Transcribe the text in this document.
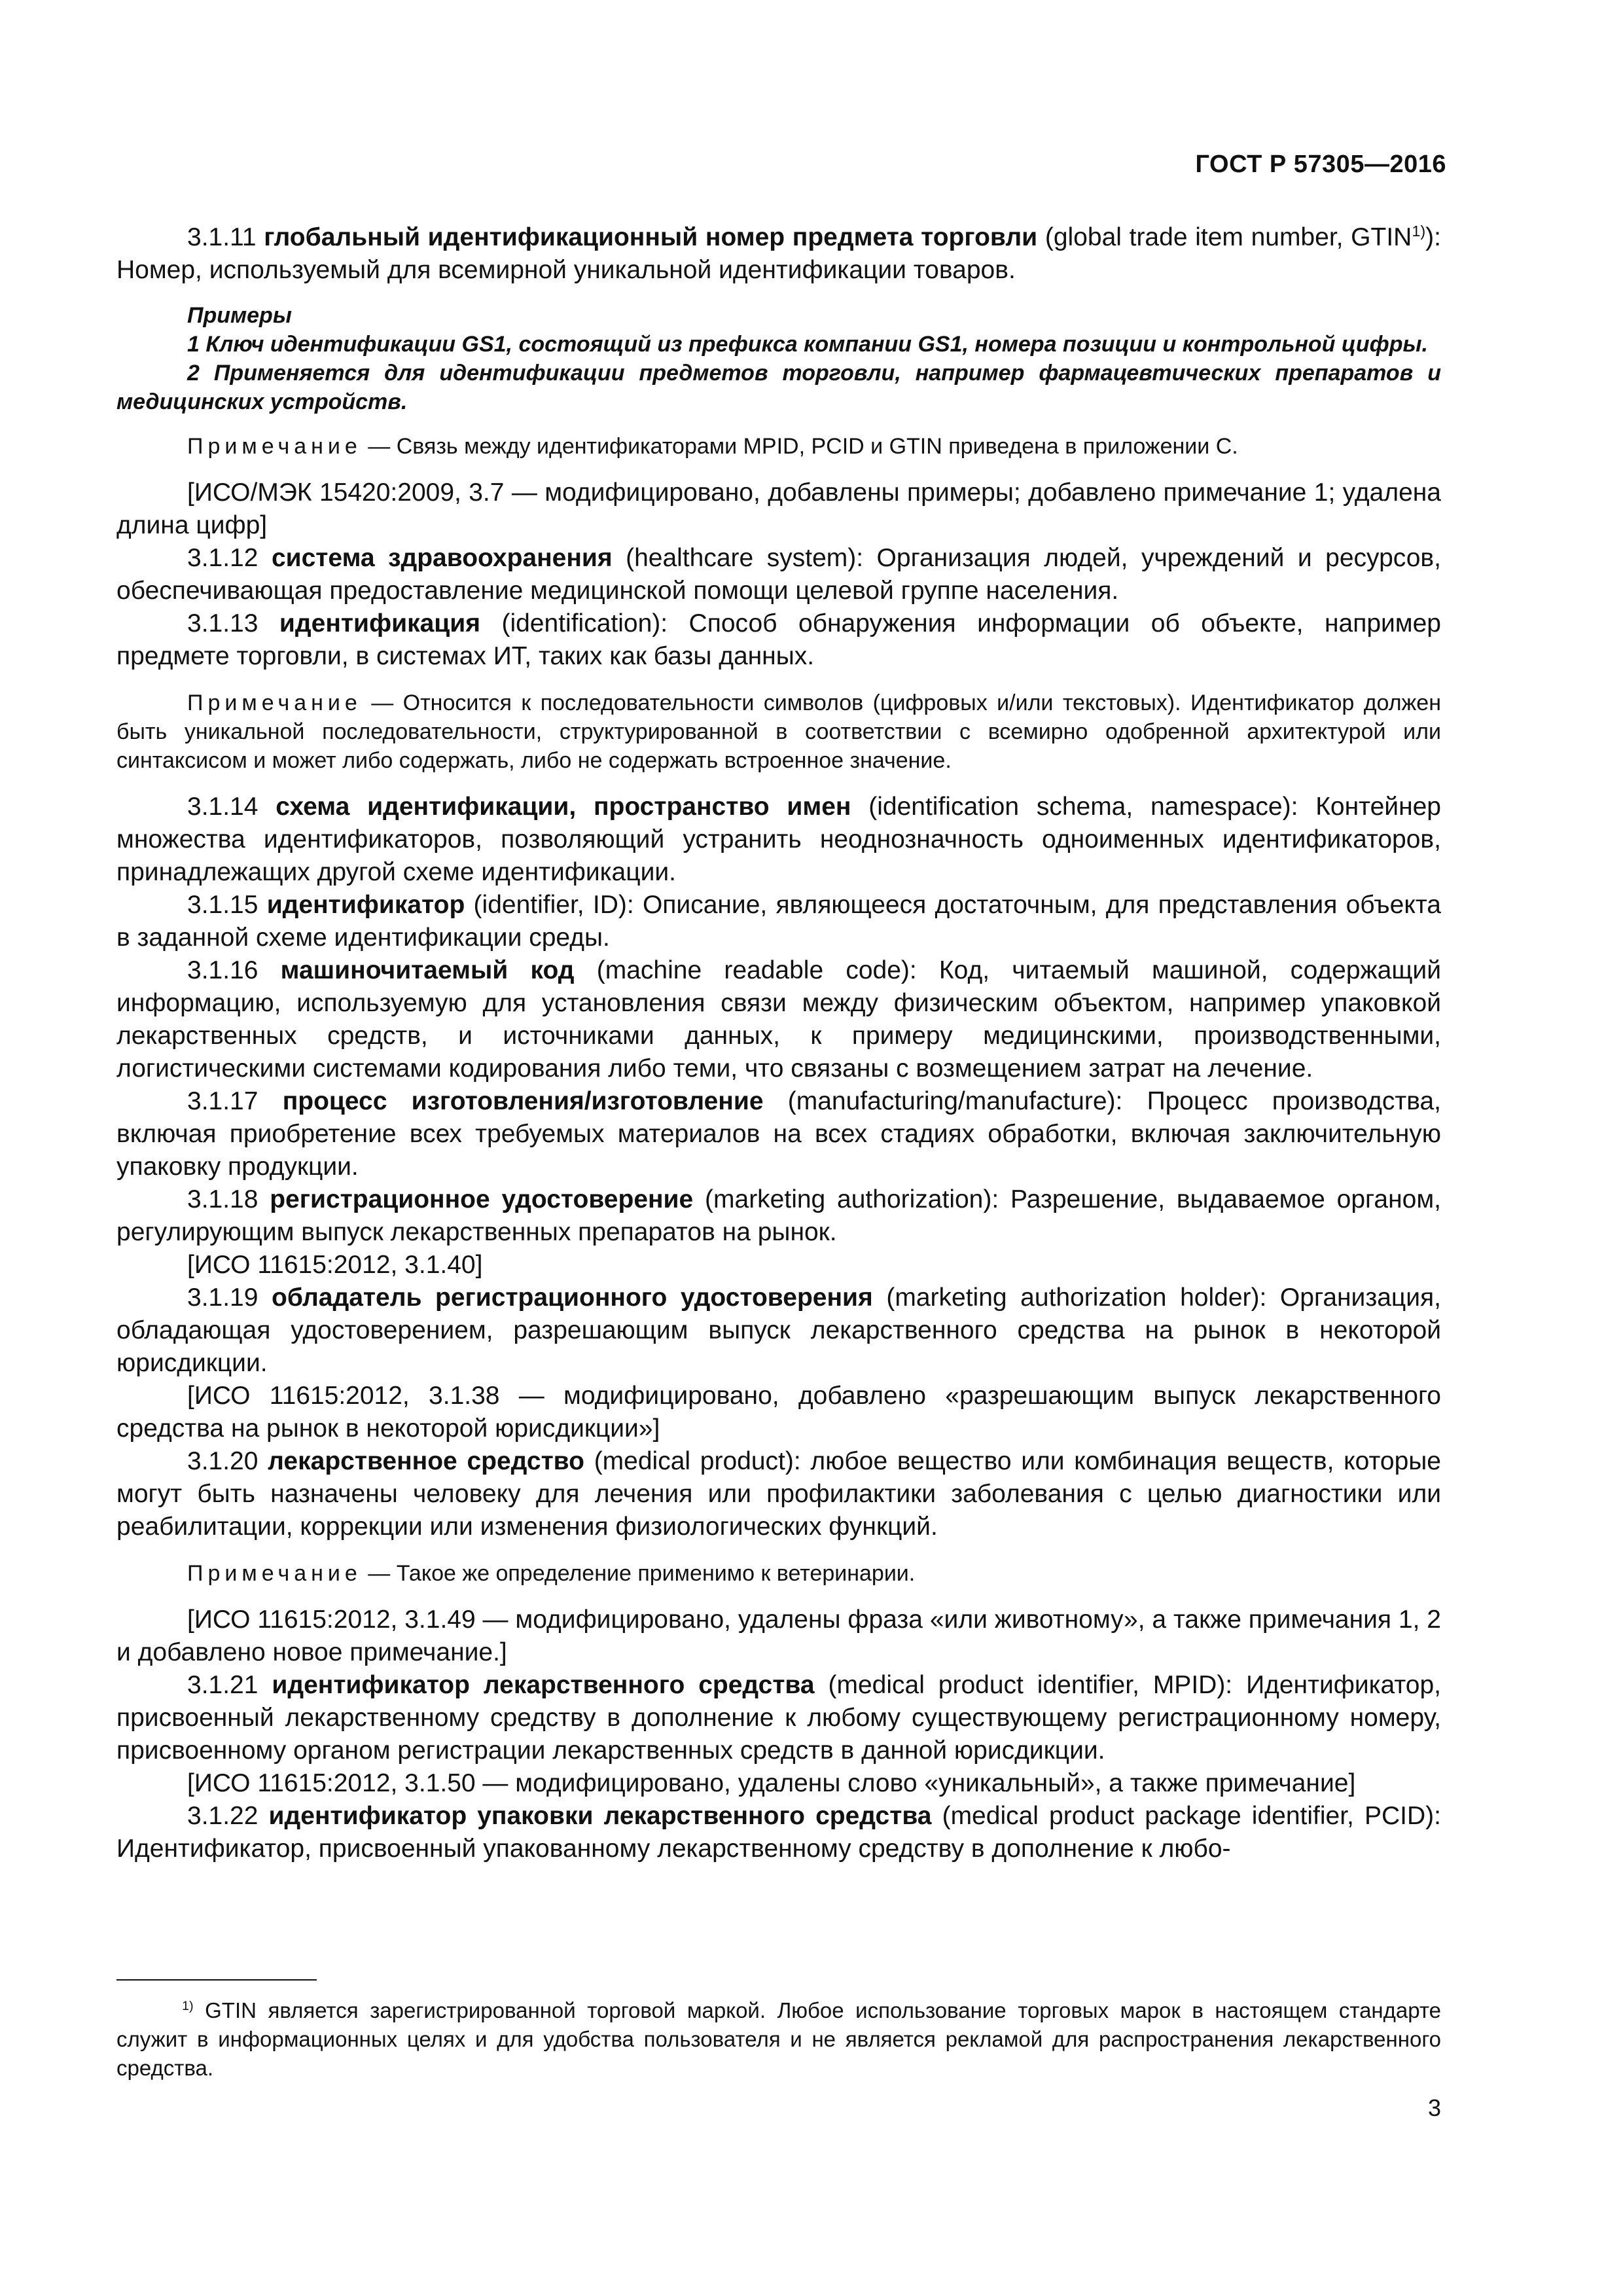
ГОСТ Р 57305—2016

3.1.11 глобальный идентификационный номер предмета торговли (global trade item number, GTIN$^{1)}$): Номер, используемый для всемирной уникальной идентификации товаров.

Примеры

1 Ключ идентификации GS1, состоящий из префикса компании GS1, номера позиции и контрольной цифры.

2 Применяется для идентификации предметов торговли, например фармацевтических препаратов и медицинских устройств.

Примечание — Связь между идентификаторами MPID, PCID и GTIN приведена в приложении С.

[ИСО/МЭК 15420:2009, 3.7 — модифицировано, добавлены примеры; добавлено примечание 1; удалена длина цифр]

3.1.12 система здравоохранения (healthcare system): Организация людей, учреждений и ресурсов, обеспечивающая предоставление медицинской помощи целевой группе населения.

3.1.13 идентификация (identification): Способ обнаружения информации об объекте, например предмете торговли, в системах ИТ, таких как базы данных.

Примечание — Относится к последовательности символов (цифровых и/или текстовых). Идентификатор должен быть уникальной последовательности, структурированной в соответствии с всемирно одобренной архитектурой или синтаксисом и может либо содержать, либо не содержать встроенное значение.

3.1.14 схема идентификации, пространство имен (identification schema, namespace): Контейнер множества идентификаторов, позволяющий устранить неоднозначность одноименных идентификаторов, принадлежащих другой схеме идентификации.

3.1.15 идентификатор (identifier, ID): Описание, являющееся достаточным, для представления объекта в заданной схеме идентификации среды.

3.1.16 машиночитаемый код (machine readable code): Код, читаемый машиной, содержащий информацию, используемую для установления связи между физическим объектом, например упаковкой лекарственных средств, и источниками данных, к примеру медицинскими, производственными, логистическими системами кодирования либо теми, что связаны с возмещением затрат на лечение.

3.1.17 процесс изготовления/изготовление (manufacturing/manufacture): Процесс производства, включая приобретение всех требуемых материалов на всех стадиях обработки, включая заключительную упаковку продукции.

3.1.18 регистрационное удостоверение (marketing authorization): Разрешение, выдаваемое органом, регулирующим выпуск лекарственных препаратов на рынок.

[ИСО 11615:2012, 3.1.40]

3.1.19 обладатель регистрационного удостоверения (marketing authorization holder): Организация, обладающая удостоверением, разрешающим выпуск лекарственного средства на рынок в некоторой юрисдикции.

[ИСО 11615:2012, 3.1.38 — модифицировано, добавлено «разрешающим выпуск лекарственного средства на рынок в некоторой юрисдикции»]

3.1.20 лекарственное средство (medical product): любое вещество или комбинация веществ, которые могут быть назначены человеку для лечения или профилактики заболевания с целью диагностики или реабилитации, коррекции или изменения физиологических функций.

Примечание — Такое же определение применимо к ветеринарии.

[ИСО 11615:2012, 3.1.49 — модифицировано, удалены фраза «или животному», а также примечания 1, 2 и добавлено новое примечание.]

3.1.21 идентификатор лекарственного средства (medical product identifier, MPID): Идентификатор, присвоенный лекарственному средству в дополнение к любому существующему регистрационному номеру, присвоенному органом регистрации лекарственных средств в данной юрисдикции.

[ИСО 11615:2012, 3.1.50 — модифицировано, удалены слово «уникальный», а также примечание]

3.1.22 идентификатор упаковки лекарственного средства (medical product package identifier, PCID): Идентификатор, присвоенный упакованному лекарственному средству в дополнение к любо-

$^{1)}$ GTIN является зарегистрированной торговой маркой. Любое использование торговых марок в настоящем стандарте служит в информационных целях и для удобства пользователя и не является рекламой для распространения лекарственного средства.
3
